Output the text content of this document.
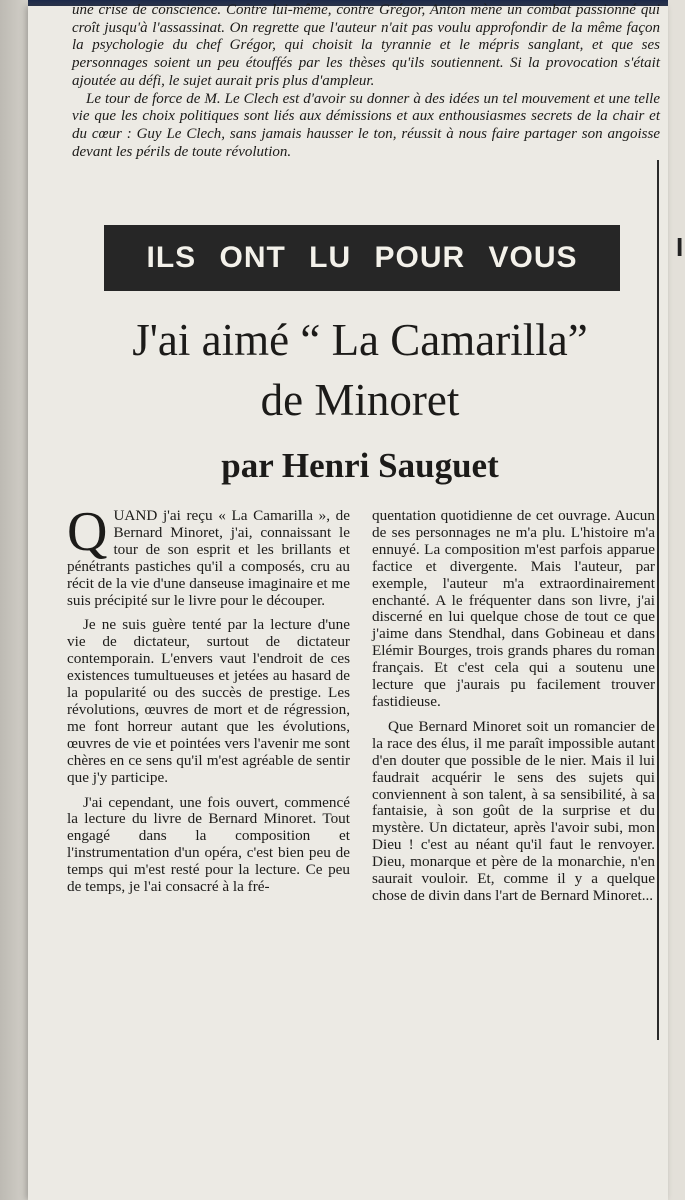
I

une crise de conscience. Contre lui-même, contre Grégor, Anton mène un combat passionné qui croît jusqu'à l'assassinat. On regrette que l'auteur n'ait pas voulu approfondir de la même façon la psychologie du chef Grégor, qui choisit la tyrannie et le mépris sanglant, et que ses personnages soient un peu étouffés par les thèses qu'ils soutiennent. Si la provocation s'était ajoutée au défi, le sujet aurait pris plus d'ampleur.

Le tour de force de M. Le Clech est d'avoir su donner à des idées un tel mouvement et une telle vie que les choix politiques sont liés aux démissions et aux enthousiasmes secrets de la chair et du cœur : Guy Le Clech, sans jamais hausser le ton, réussit à nous faire partager son angoisse devant les périls de toute révolution.

ILS ONT LU POUR VOUS
J'ai aimé “ La Camarilla”
de Minoret
par Henri Sauguet

QUAND j'ai reçu « La Camarilla », de Bernard Minoret, j'ai, connaissant le tour de son esprit et les brillants et pénétrants pastiches qu'il a composés, cru au récit de la vie d'une danseuse imaginaire et me suis précipité sur le livre pour le découper.

Je ne suis guère tenté par la lecture d'une vie de dictateur, surtout de dictateur contemporain. L'envers vaut l'endroit de ces existences tumultueuses et jetées au hasard de la popularité ou des succès de prestige. Les révolutions, œuvres de mort et de régression, me font horreur autant que les évolutions, œuvres de vie et pointées vers l'avenir me sont chères en ce sens qu'il m'est agréable de sentir que j'y participe.

J'ai cependant, une fois ouvert, commencé la lecture du livre de Bernard Minoret. Tout engagé dans la composition et l'instrumentation d'un opéra, c'est bien peu de temps qui m'est resté pour la lecture. Ce peu de temps, je l'ai consacré à la fré-

quentation quotidienne de cet ouvrage. Aucun de ses personnages ne m'a plu. L'histoire m'a ennuyé. La composition m'est parfois apparue factice et divergente. Mais l'auteur, par exemple, l'auteur m'a extraordinairement enchanté. A le fréquenter dans son livre, j'ai discerné en lui quelque chose de tout ce que j'aime dans Stendhal, dans Gobineau et dans Elémir Bourges, trois grands phares du roman français. Et c'est cela qui a soutenu une lecture que j'aurais pu facilement trouver fastidieuse.

Que Bernard Minoret soit un romancier de la race des élus, il me paraît impossible autant d'en douter que possible de le nier. Mais il lui faudrait acquérir le sens des sujets qui conviennent à son talent, à sa sensibilité, à sa fantaisie, à son goût de la surprise et du mystère. Un dictateur, après l'avoir subi, mon Dieu ! c'est au néant qu'il faut le renvoyer. Dieu, monarque et père de la monarchie, n'en saurait vouloir. Et, comme il y a quelque chose de divin dans l'art de Bernard Minoret...
